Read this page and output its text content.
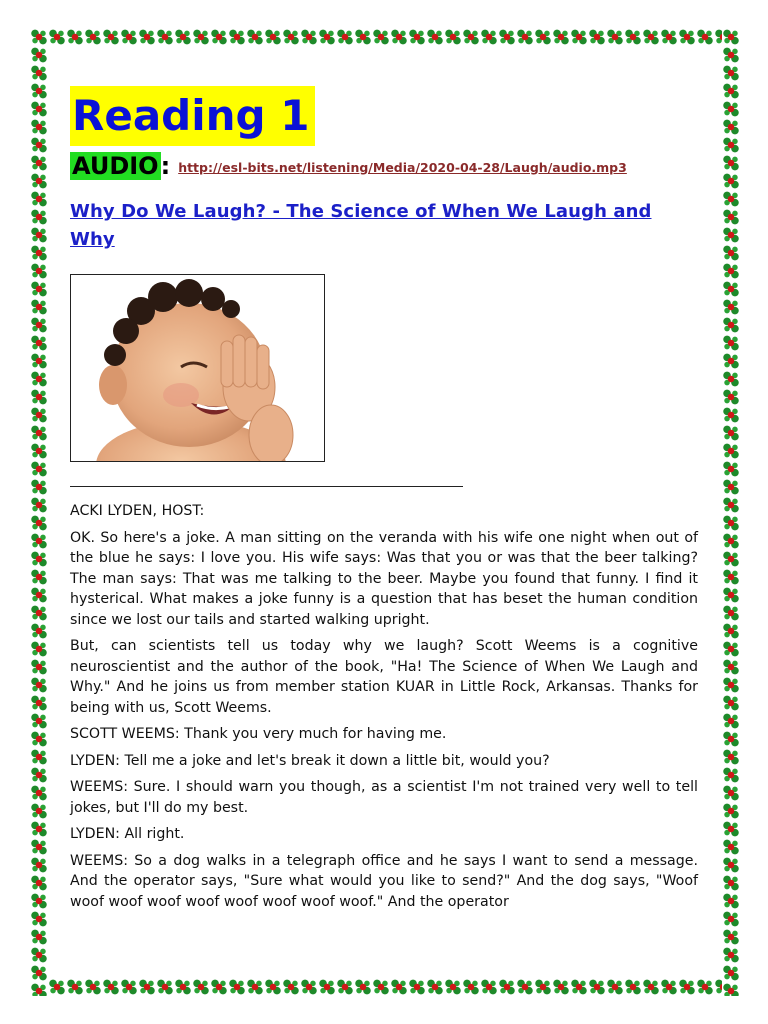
Reading 1
AUDIO : http://esl-bits.net/listening/Media/2020-04-28/Laugh/audio.mp3
Why Do We Laugh? - The Science of When We Laugh and Why

ACKI LYDEN, HOST:

OK. So here's a joke. A man sitting on the veranda with his wife one night when out of the blue he says: I love you. His wife says: Was that you or was that the beer talking? The man says: That was me talking to the beer. Maybe you found that funny. I find it hysterical. What makes a joke funny is a question that has beset the human condition since we lost our tails and started walking upright.

But, can scientists tell us today why we laugh? Scott Weems is a cognitive neuroscientist and the author of the book, "Ha! The Science of When We Laugh and Why." And he joins us from member station KUAR in Little Rock, Arkansas. Thanks for being with us, Scott Weems.

SCOTT WEEMS: Thank you very much for having me.

LYDEN: Tell me a joke and let's break it down a little bit, would you?

WEEMS: Sure. I should warn you though, as a scientist I'm not trained very well to tell jokes, but I'll do my best.

LYDEN: All right.

WEEMS: So a dog walks in a telegraph office and he says I want to send a message. And the operator says, "Sure what would you like to send?" And the dog says, "Woof woof woof woof woof woof woof woof woof." And the operator
